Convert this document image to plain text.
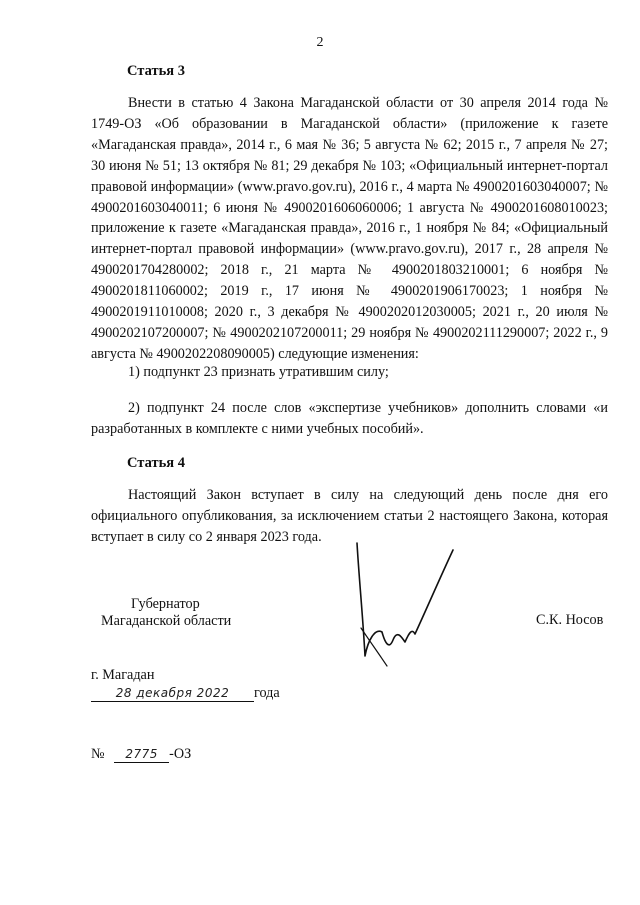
2
Статья 3
Внести в статью 4 Закона Магаданской области от 30 апреля 2014 года № 1749-ОЗ «Об образовании в Магаданской области» (приложение к газете «Магаданская правда», 2014 г., 6 мая № 36; 5 августа № 62; 2015 г., 7 апреля № 27; 30 июня № 51; 13 октября № 81; 29 декабря № 103; «Официальный интернет-портал правовой информации» (www.pravo.gov.ru), 2016 г., 4 марта № 4900201603040007; № 4900201603040011; 6 июня № 4900201606060006; 1 августа № 4900201608010023; приложение к газете «Магаданская правда», 2016 г., 1 ноября № 84; «Официальный интернет-портал правовой информации» (www.pravo.gov.ru), 2017 г., 28 апреля № 4900201704280002; 2018 г., 21 марта № 4900201803210001; 6 ноября № 4900201811060002; 2019 г., 17 июня № 4900201906170023; 1 ноября № 4900201911010008; 2020 г., 3 декабря № 4900202012030005; 2021 г., 20 июля № 4900202107200007; № 4900202107200011; 29 ноября № 4900202111290007; 2022 г., 9 августа № 4900202208090005) следующие изменения:
1) подпункт 23 признать утратившим силу;
2) подпункт 24 после слов «экспертизе учебников» дополнить словами «и разработанных в комплекте с ними учебных пособий».
Статья 4
Настоящий Закон вступает в силу на следующий день после дня его официального опубликования, за исключением статьи 2 настоящего Закона, которая вступает в силу со 2 января 2023 года.
Губернатор
Магаданской области	С.К. Носов
г. Магадан
28 декабря 2022 года
№ 2775 -ОЗ
